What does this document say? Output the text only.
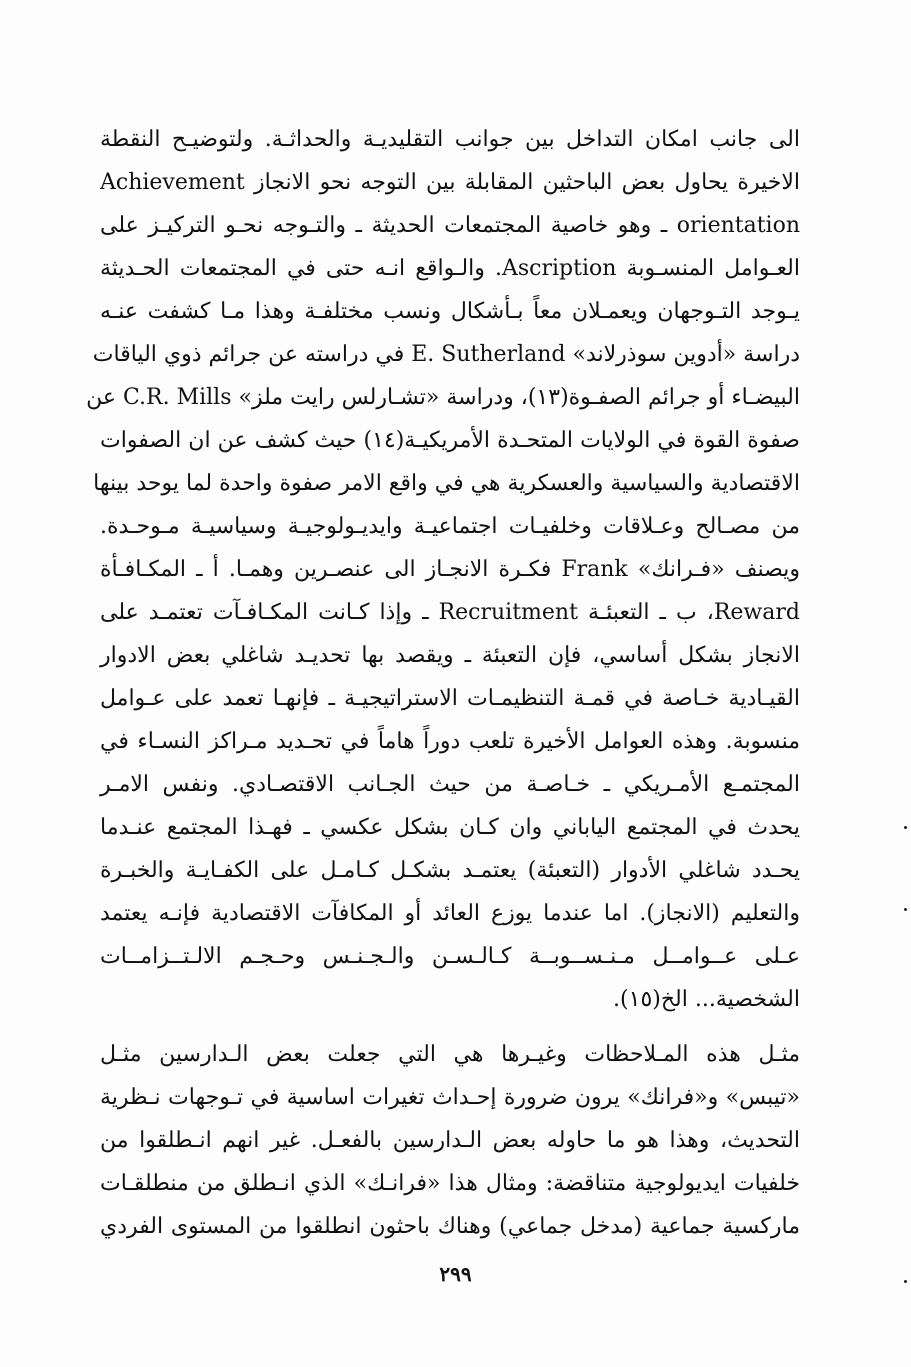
الى جانب امكان التداخل بين جوانب التقليديـة والحداثـة. ولتوضيـح النقطة
الاخيرة يحاول بعض الباحثين المقابلة بين التوجه نحو الانجاز Achievement
orientation ـ وهو خاصية المجتمعات الحديثة ـ والتـوجه نحـو التركيـز على
العـوامل المنسـوبة Ascription. والـواقع انـه حتى في المجتمعات الحـديثة
يـوجد التـوجهان ويعمـلان معاً بـأشكال ونسب مختلفـة وهذا مـا كشفت عنـه
دراسة «أدوين سوذرلاند» E. Sutherland في دراسته عن جرائم ذوي الياقات
البيضـاء أو جرائم الصفـوة(١٣)، ودراسة «تشـارلس رايت ملز» C.R. Mills عن
صفوة القوة في الولايات المتحـدة الأمريكيـة(١٤) حيث كشف عن ان الصفوات
الاقتصادية والسياسية والعسكرية هي في واقع الامر صفوة واحدة لما يوحد بينها
من مصـالح وعـلاقات وخلفيـات اجتماعيـة وايديـولوجيـة وسياسيـة مـوحـدة.
ويصنف «فـرانك» Frank فكـرة الانجـاز الى عنصـرين وهمـا. أ ـ المكـافـأة
Reward، ب ـ التعبئـة Recruitment ـ وإذا كـانت المكـافـآت تعتمـد على
الانجاز بشكل أساسي، فإن التعبئة ـ ويقصد بها تحديـد شاغلي بعض الادوار
القيـادية خـاصة في قمـة التنظيمـات الاستراتيجيـة ـ فإنهـا تعمد على عـوامل
منسوبة. وهذه العوامل الأخيرة تلعب دوراً هاماً في تحـديد مـراكز النسـاء في
المجتمـع الأمـريكي ـ خـاصـة من حيث الجـانب الاقتصـادي. ونفس الامـر
يحدث في المجتمع الياباني وان كـان بشكل عكسي ـ فهـذا المجتمع عنـدما
يحـدد شاغلي الأدوار (التعبئة) يعتمـد بشكـل كـامـل على الكفـايـة والخبـرة
والتعليم (الانجاز). اما عندما يوزع العائد أو المكافآت الاقتصادية فإنـه يعتمد
عـلى عــوامــل مـنـســوبــة كـالـسـن والـجـنـس وحـجـم الالـتــزامــات
الشخصية... الخ(١٥).
مثـل هذه المـلاحظات وغيـرها هي التي جعلت بعض الـدارسين مثـل
«تيبس» و«فرانك» يرون ضرورة إحـداث تغيرات اساسية في تـوجهات نـظرية
التحديث، وهذا هو ما حاوله بعض الـدارسين بالفعـل. غير انهم انـطلقوا من
خلفيات ايديولوجية متناقضة: ومثال هذا «فرانـك» الذي انـطلق من منطلقـات
ماركسية جماعية (مدخل جماعي) وهناك باحثون انطلقوا من المستوى الفردي
٢٩٩
